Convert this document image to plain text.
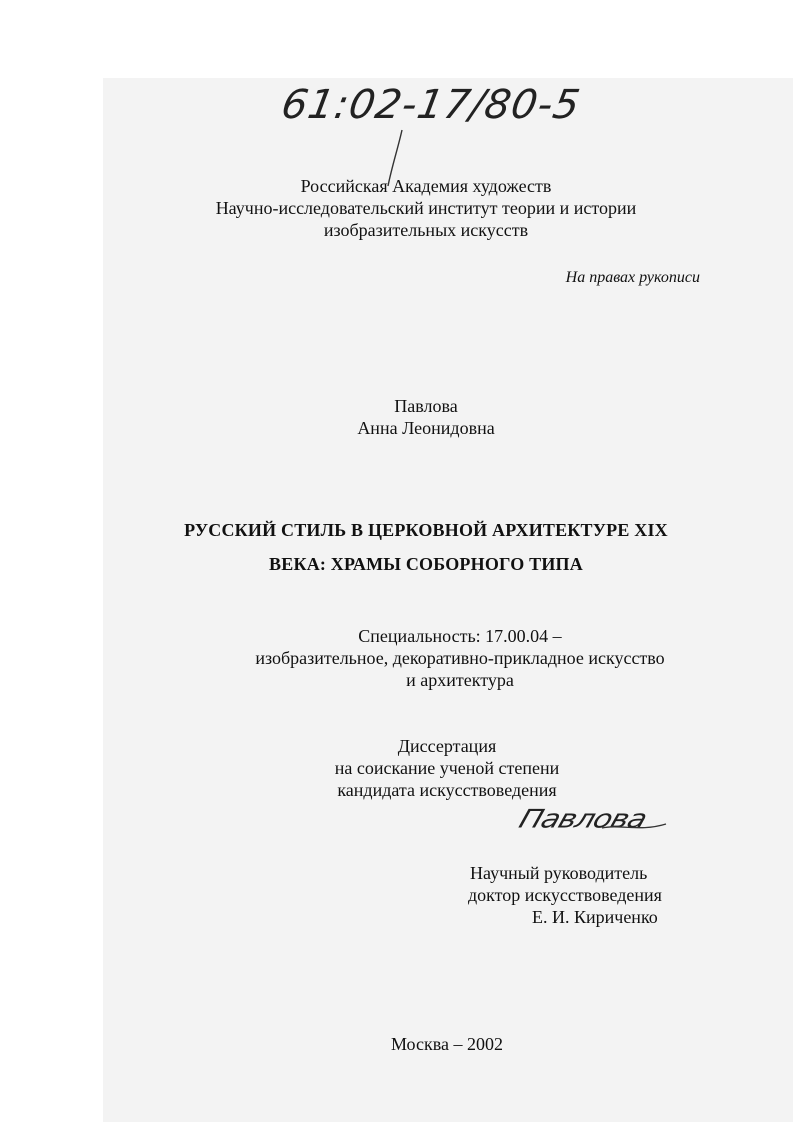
61:02-17/80-5
Российская Академия художеств
Научно-исследовательский институт теории и истории
изобразительных искусств
На правах рукописи
Павлова
Анна Леонидовна
РУССКИЙ СТИЛЬ В ЦЕРКОВНОЙ АРХИТЕКТУРЕ XIX
ВЕКА: ХРАМЫ СОБОРНОГО ТИПА
Специальность: 17.00.04 –
изобразительное, декоративно-прикладное искусство
и архитектура
Диссертация
на соискание ученой степени
кандидата искусствоведения
Павлова
Научный руководитель
доктор искусствоведения
Е. И. Кириченко
Москва – 2002
